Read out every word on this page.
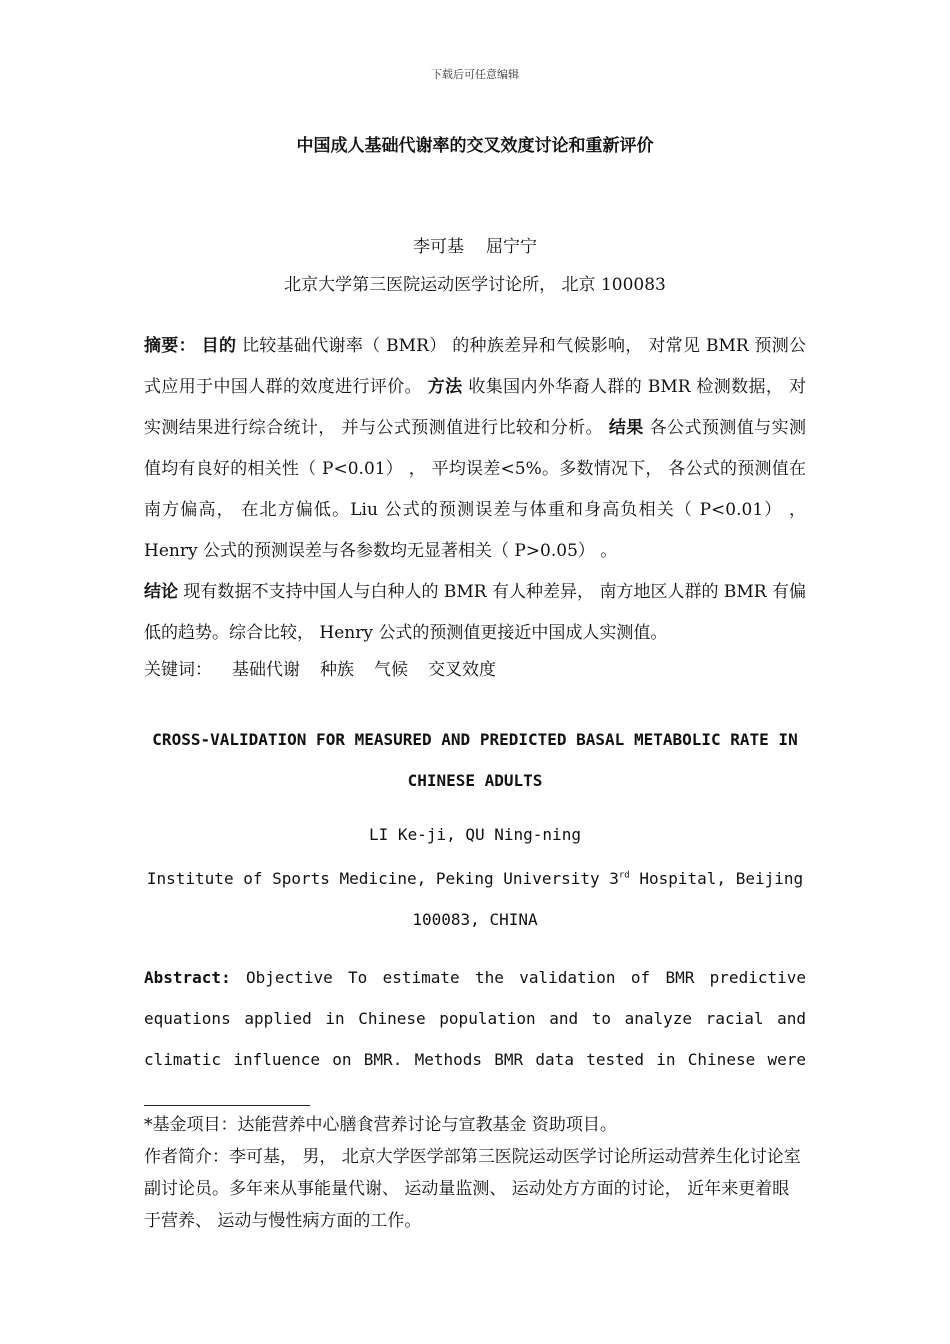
下载后可任意编辑
中国成人基础代谢率的交叉效度讨论和重新评价
李可基 屈宁宁
北京大学第三医院运动医学讨论所， 北京 100083
摘要： 目的 比较基础代谢率（ BMR） 的种族差异和气候影响， 对常见 BMR 预测公式应用于中国人群的效度进行评价。 方法 收集国内外华裔人群的 BMR 检测数据， 对实测结果进行综合统计， 并与公式预测值进行比较和分析。 结果 各公式预测值与实测值均有良好的相关性（ P<0.01） ， 平均误差<5%。多数情况下， 各公式的预测值在南方偏高， 在北方偏低。Liu 公式的预测误差与体重和身高负相关（ P<0.01） ， Henry 公式的预测误差与各参数均无显著相关（ P>0.05） 。
结论 现有数据不支持中国人与白种人的 BMR 有人种差异， 南方地区人群的 BMR 有偏低的趋势。综合比较， Henry 公式的预测值更接近中国成人实测值。
关键词： 基础代谢 种族 气候 交叉效度
CROSS-VALIDATION FOR MEASURED AND PREDICTED BASAL METABOLIC RATE IN CHINESE ADULTS
LI Ke-ji, QU Ning-ning
Institute of Sports Medicine, Peking University 3rd Hospital, Beijing 100083, CHINA
Abstract: Objective To estimate the validation of BMR predictive equations applied in Chinese population and to analyze racial and climatic influence on BMR. Methods BMR data tested in Chinese were

*基金项目：达能营养中心膳食营养讨论与宣教基金 资助项目。

作者简介：李可基， 男， 北京大学医学部第三医院运动医学讨论所运动营养生化讨论室副讨论员。多年来从事能量代谢、 运动量监测、 运动处方方面的讨论， 近年来更着眼于营养、 运动与慢性病方面的工作。
